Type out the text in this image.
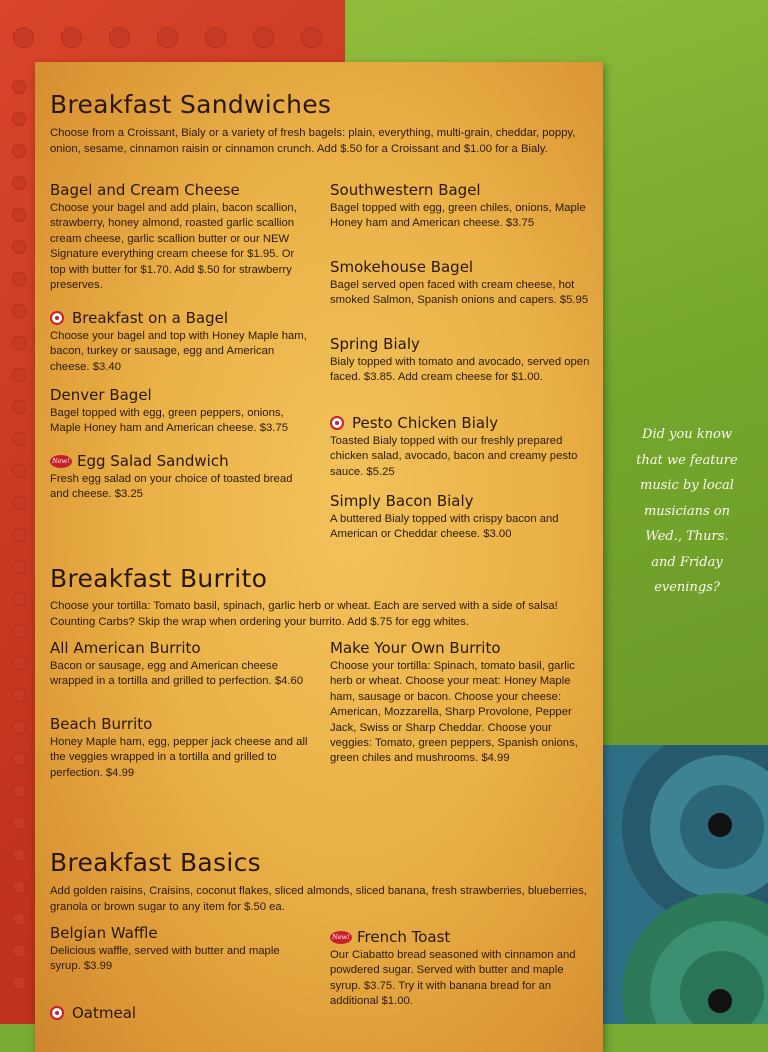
Breakfast Sandwiches

Choose from a Croissant, Bialy or a variety of fresh bagels: plain, everything, multi-grain, cheddar, poppy, onion, sesame, cinnamon raisin or cinnamon crunch. Add $.50 for a Croissant and $1.00 for a Bialy.

Bagel and Cream Cheese

Choose your bagel and add plain, bacon scallion, strawberry, honey almond, roasted garlic scallion cream cheese, garlic scallion butter or our NEW Signature everything cream cheese for $1.95. Or top with butter for $1.70. Add $.50 for strawberry preserves.

Breakfast on a Bagel

Choose your bagel and top with Honey Maple ham, bacon, turkey or sausage, egg and American cheese. $3.40

Denver Bagel

Bagel topped with egg, green peppers, onions, Maple Honey ham and American cheese. $3.75

New! Egg Salad Sandwich

Fresh egg salad on your choice of toasted bread and cheese. $3.25

Southwestern Bagel

Bagel topped with egg, green chiles, onions, Maple Honey ham and American cheese. $3.75

Smokehouse Bagel

Bagel served open faced with cream cheese, hot smoked Salmon, Spanish onions and capers. $5.95

Spring Bialy

Bialy topped with tomato and avocado, served open faced. $3.85. Add cream cheese for $1.00.

Pesto Chicken Bialy

Toasted Bialy topped with our freshly prepared chicken salad, avocado, bacon and creamy pesto sauce. $5.25

Simply Bacon Bialy

A buttered Bialy topped with crispy bacon and American or Cheddar cheese. $3.00

Breakfast Burrito

Choose your tortilla: Tomato basil, spinach, garlic herb or wheat. Each are served with a side of salsa! Counting Carbs? Skip the wrap when ordering your burrito. Add $.75 for egg whites.

All American Burrito

Bacon or sausage, egg and American cheese wrapped in a tortilla and grilled to perfection. $4.60

Beach Burrito

Honey Maple ham, egg, pepper jack cheese and all the veggies wrapped in a tortilla and grilled to perfection. $4.99

Make Your Own Burrito

Choose your tortilla: Spinach, tomato basil, garlic herb or wheat. Choose your meat: Honey Maple ham, sausage or bacon. Choose your cheese: American, Mozzarella, Sharp Provolone, Pepper Jack, Swiss or Sharp Cheddar. Choose your veggies: Tomato, green peppers, Spanish onions, green chiles and mushrooms. $4.99

Breakfast Basics

Add golden raisins, Craisins, coconut flakes, sliced almonds, sliced banana, fresh strawberries, blueberries, granola or brown sugar to any item for $.50 ea.

Belgian Waffle

Delicious waffle, served with butter and maple syrup. $3.99

Oatmeal
New! French Toast

Our Ciabatto bread seasoned with cinnamon and powdered sugar. Served with butter and maple syrup. $3.75. Try it with banana bread for an additional $1.00.

Did you know
that we feature
music by local
musicians on
Wed., Thurs.
and Friday
evenings?
